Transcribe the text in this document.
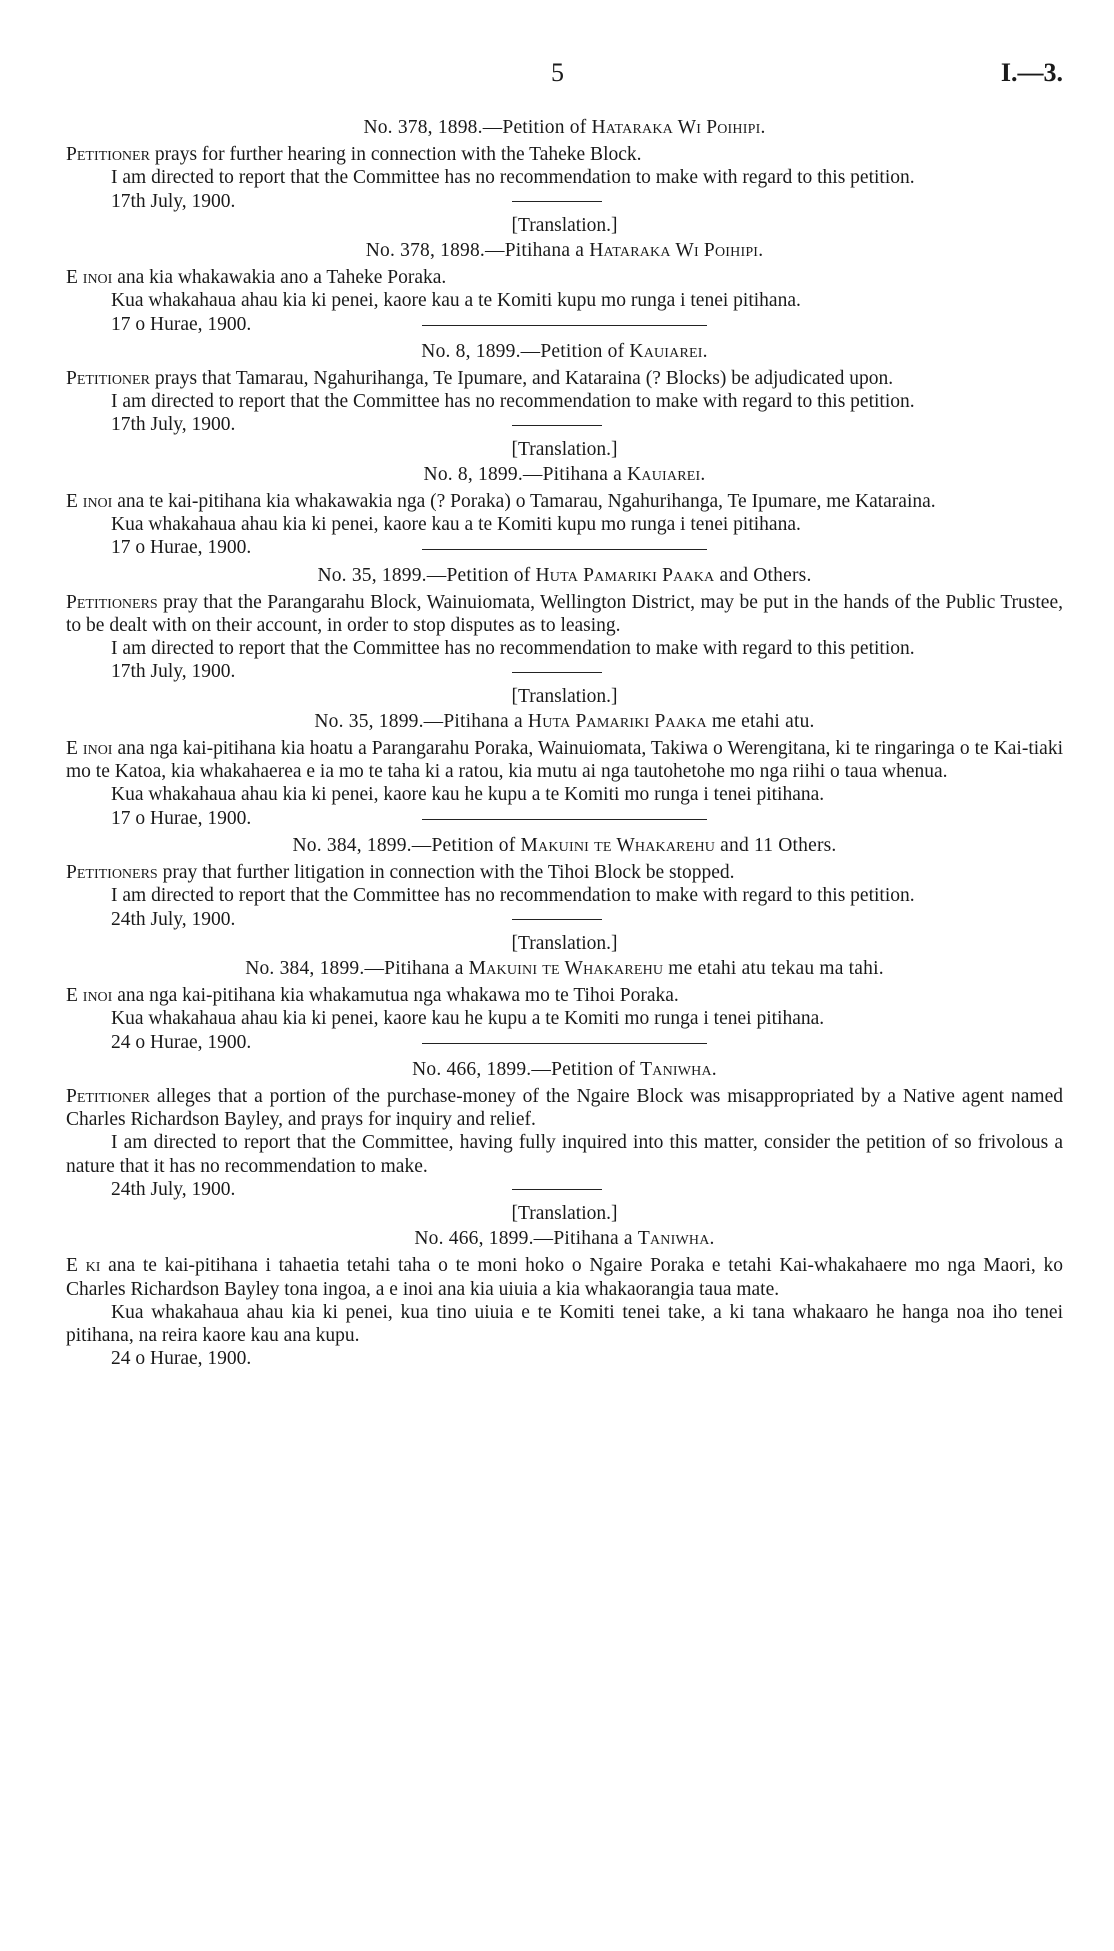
5	I.—3.

No. 378, 1898.—Petition of Hataraka Wi Poihipi.

Petitioner prays for further hearing in connection with the Taheke Block.

I am directed to report that the Committee has no recommendation to make with regard to this petition.

17th July, 1900.

[Translation.]

No. 378, 1898.—Pitihana a Hataraka Wi Poihipi.

E inoi ana kia whakawakia ano a Taheke Poraka.

Kua whakahaua ahau kia ki penei, kaore kau a te Komiti kupu mo runga i tenei pitihana.

17 o Hurae, 1900.

No. 8, 1899.—Petition of Kauiarei.

Petitioner prays that Tamarau, Ngahurihanga, Te Ipumare, and Kataraina (? Blocks) be adjudicated upon.

I am directed to report that the Committee has no recommendation to make with regard to this petition.

17th July, 1900.

[Translation.]

No. 8, 1899.—Pitihana a Kauiarei.

E inoi ana te kai-pitihana kia whakawakia nga (? Poraka) o Tamarau, Ngahurihanga, Te Ipumare, me Kataraina.

Kua whakahaua ahau kia ki penei, kaore kau a te Komiti kupu mo runga i tenei pitihana.

17 o Hurae, 1900.

No. 35, 1899.—Petition of Huta Pamariki Paaka and Others.

Petitioners pray that the Parangarahu Block, Wainuiomata, Wellington District, may be put in the hands of the Public Trustee, to be dealt with on their account, in order to stop disputes as to leasing.

I am directed to report that the Committee has no recommendation to make with regard to this petition.

17th July, 1900.

[Translation.]

No. 35, 1899.—Pitihana a Huta Pamariki Paaka me etahi atu.

E inoi ana nga kai-pitihana kia hoatu a Parangarahu Poraka, Wainuiomata, Takiwa o Werengitana, ki te ringaringa o te Kai-tiaki mo te Katoa, kia whakahaerea e ia mo te taha ki a ratou, kia mutu ai nga tautohetohe mo nga riihi o taua whenua.

Kua whakahaua ahau kia ki penei, kaore kau he kupu a te Komiti mo runga i tenei pitihana.

17 o Hurae, 1900.

No. 384, 1899.—Petition of Makuini te Whakarehu and 11 Others.

Petitioners pray that further litigation in connection with the Tihoi Block be stopped.

I am directed to report that the Committee has no recommendation to make with regard to this petition.

24th July, 1900.

[Translation.]

No. 384, 1899.—Pitihana a Makuini te Whakarehu me etahi atu tekau ma tahi.

E inoi ana nga kai-pitihana kia whakamutua nga whakawa mo te Tihoi Poraka.

Kua whakahaua ahau kia ki penei, kaore kau he kupu a te Komiti mo runga i tenei pitihana.

24 o Hurae, 1900.

No. 466, 1899.—Petition of Taniwha.

Petitioner alleges that a portion of the purchase-money of the Ngaire Block was misappropriated by a Native agent named Charles Richardson Bayley, and prays for inquiry and relief.

I am directed to report that the Committee, having fully inquired into this matter, consider the petition of so frivolous a nature that it has no recommendation to make.

24th July, 1900.

[Translation.]

No. 466, 1899.—Pitihana a Taniwha.

E ki ana te kai-pitihana i tahaetia tetahi taha o te moni hoko o Ngaire Poraka e tetahi Kai-whakahaere mo nga Maori, ko Charles Richardson Bayley tona ingoa, a e inoi ana kia uiuia a kia whakaorangia taua mate.

Kua whakahaua ahau kia ki penei, kua tino uiuia e te Komiti tenei take, a ki tana whakaaro he hanga noa iho tenei pitihana, na reira kaore kau ana kupu.

24 o Hurae, 1900.
